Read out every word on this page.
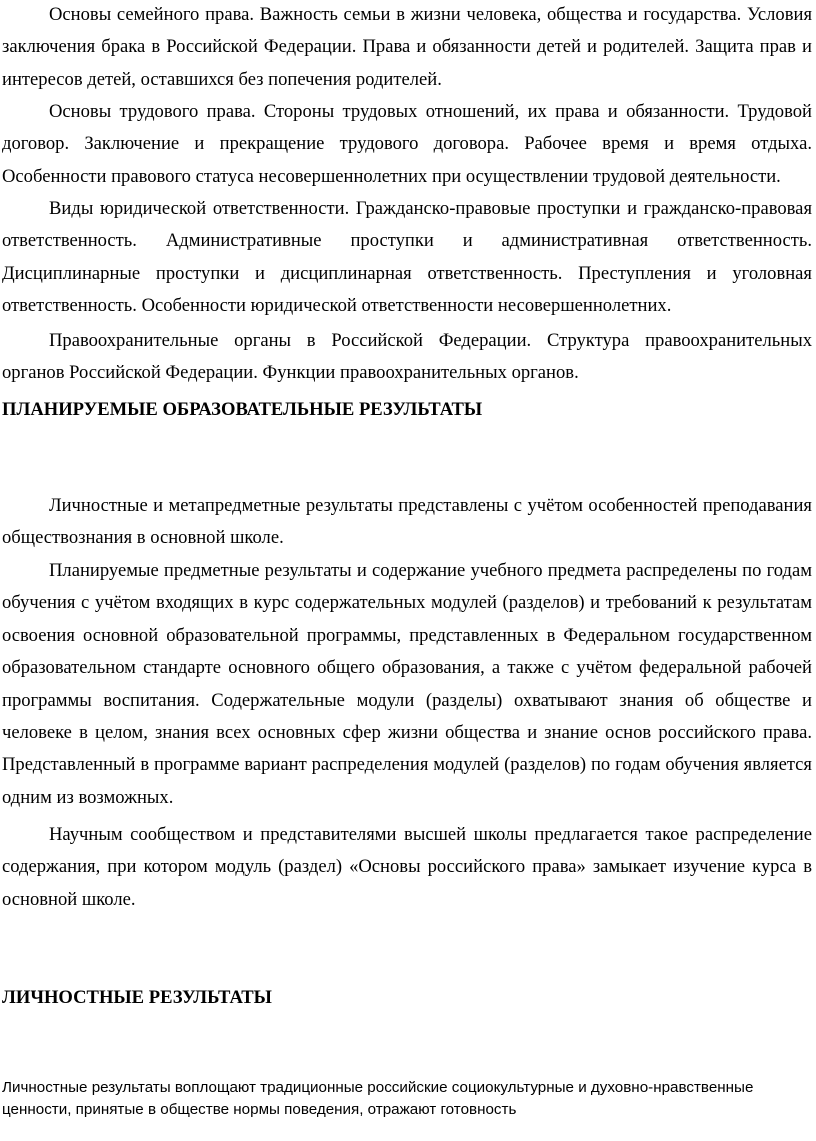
Основы семейного права. Важность семьи в жизни человека, общества и государства. Условия заключения брака в Российской Федерации. Права и обязанности детей и родителей. Защита прав и интересов детей, оставшихся без попечения родителей.

Основы трудового права. Стороны трудовых отношений, их права и обязанности. Трудовой договор. Заключение и прекращение трудового договора. Рабочее время и время отдыха. Особенности правового статуса несовершеннолетних при осуществлении трудовой деятельности.

Виды юридической ответственности. Гражданско-правовые проступки и гражданско-правовая ответственность. Административные проступки и административная ответственность. Дисциплинарные проступки и дисциплинарная ответственность. Преступления и уголовная ответственность. Особенности юридической ответственности несовершеннолетних.

Правоохранительные органы в Российской Федерации. Структура правоохранительных органов Российской Федерации. Функции правоохранительных органов.

ПЛАНИРУЕМЫЕ ОБРАЗОВАТЕЛЬНЫЕ РЕЗУЛЬТАТЫ

Личностные и метапредметные результаты представлены с учётом особенностей преподавания обществознания в основной школе.

Планируемые предметные результаты и содержание учебного предмета распределены по годам обучения с учётом входящих в курс содержательных модулей (разделов) и требований к результатам освоения основной образовательной программы, представленных в Федеральном государственном образовательном стандарте основного общего образования, а также с учётом федеральной рабочей программы воспитания. Содержательные модули (разделы) охватывают знания об обществе и человеке в целом, знания всех основных сфер жизни общества и знание основ российского права. Представленный в программе вариант распределения модулей (разделов) по годам обучения является одним из возможных.

Научным сообществом и представителями высшей школы предлагается такое распределение содержания, при котором модуль (раздел) «Основы российского права» замыкает изучение курса в основной школе.

ЛИЧНОСТНЫЕ РЕЗУЛЬТАТЫ

Личностные результаты воплощают традиционные российские социокультурные и духовно-нравственные ценности, принятые в обществе нормы поведения, отражают готовность
